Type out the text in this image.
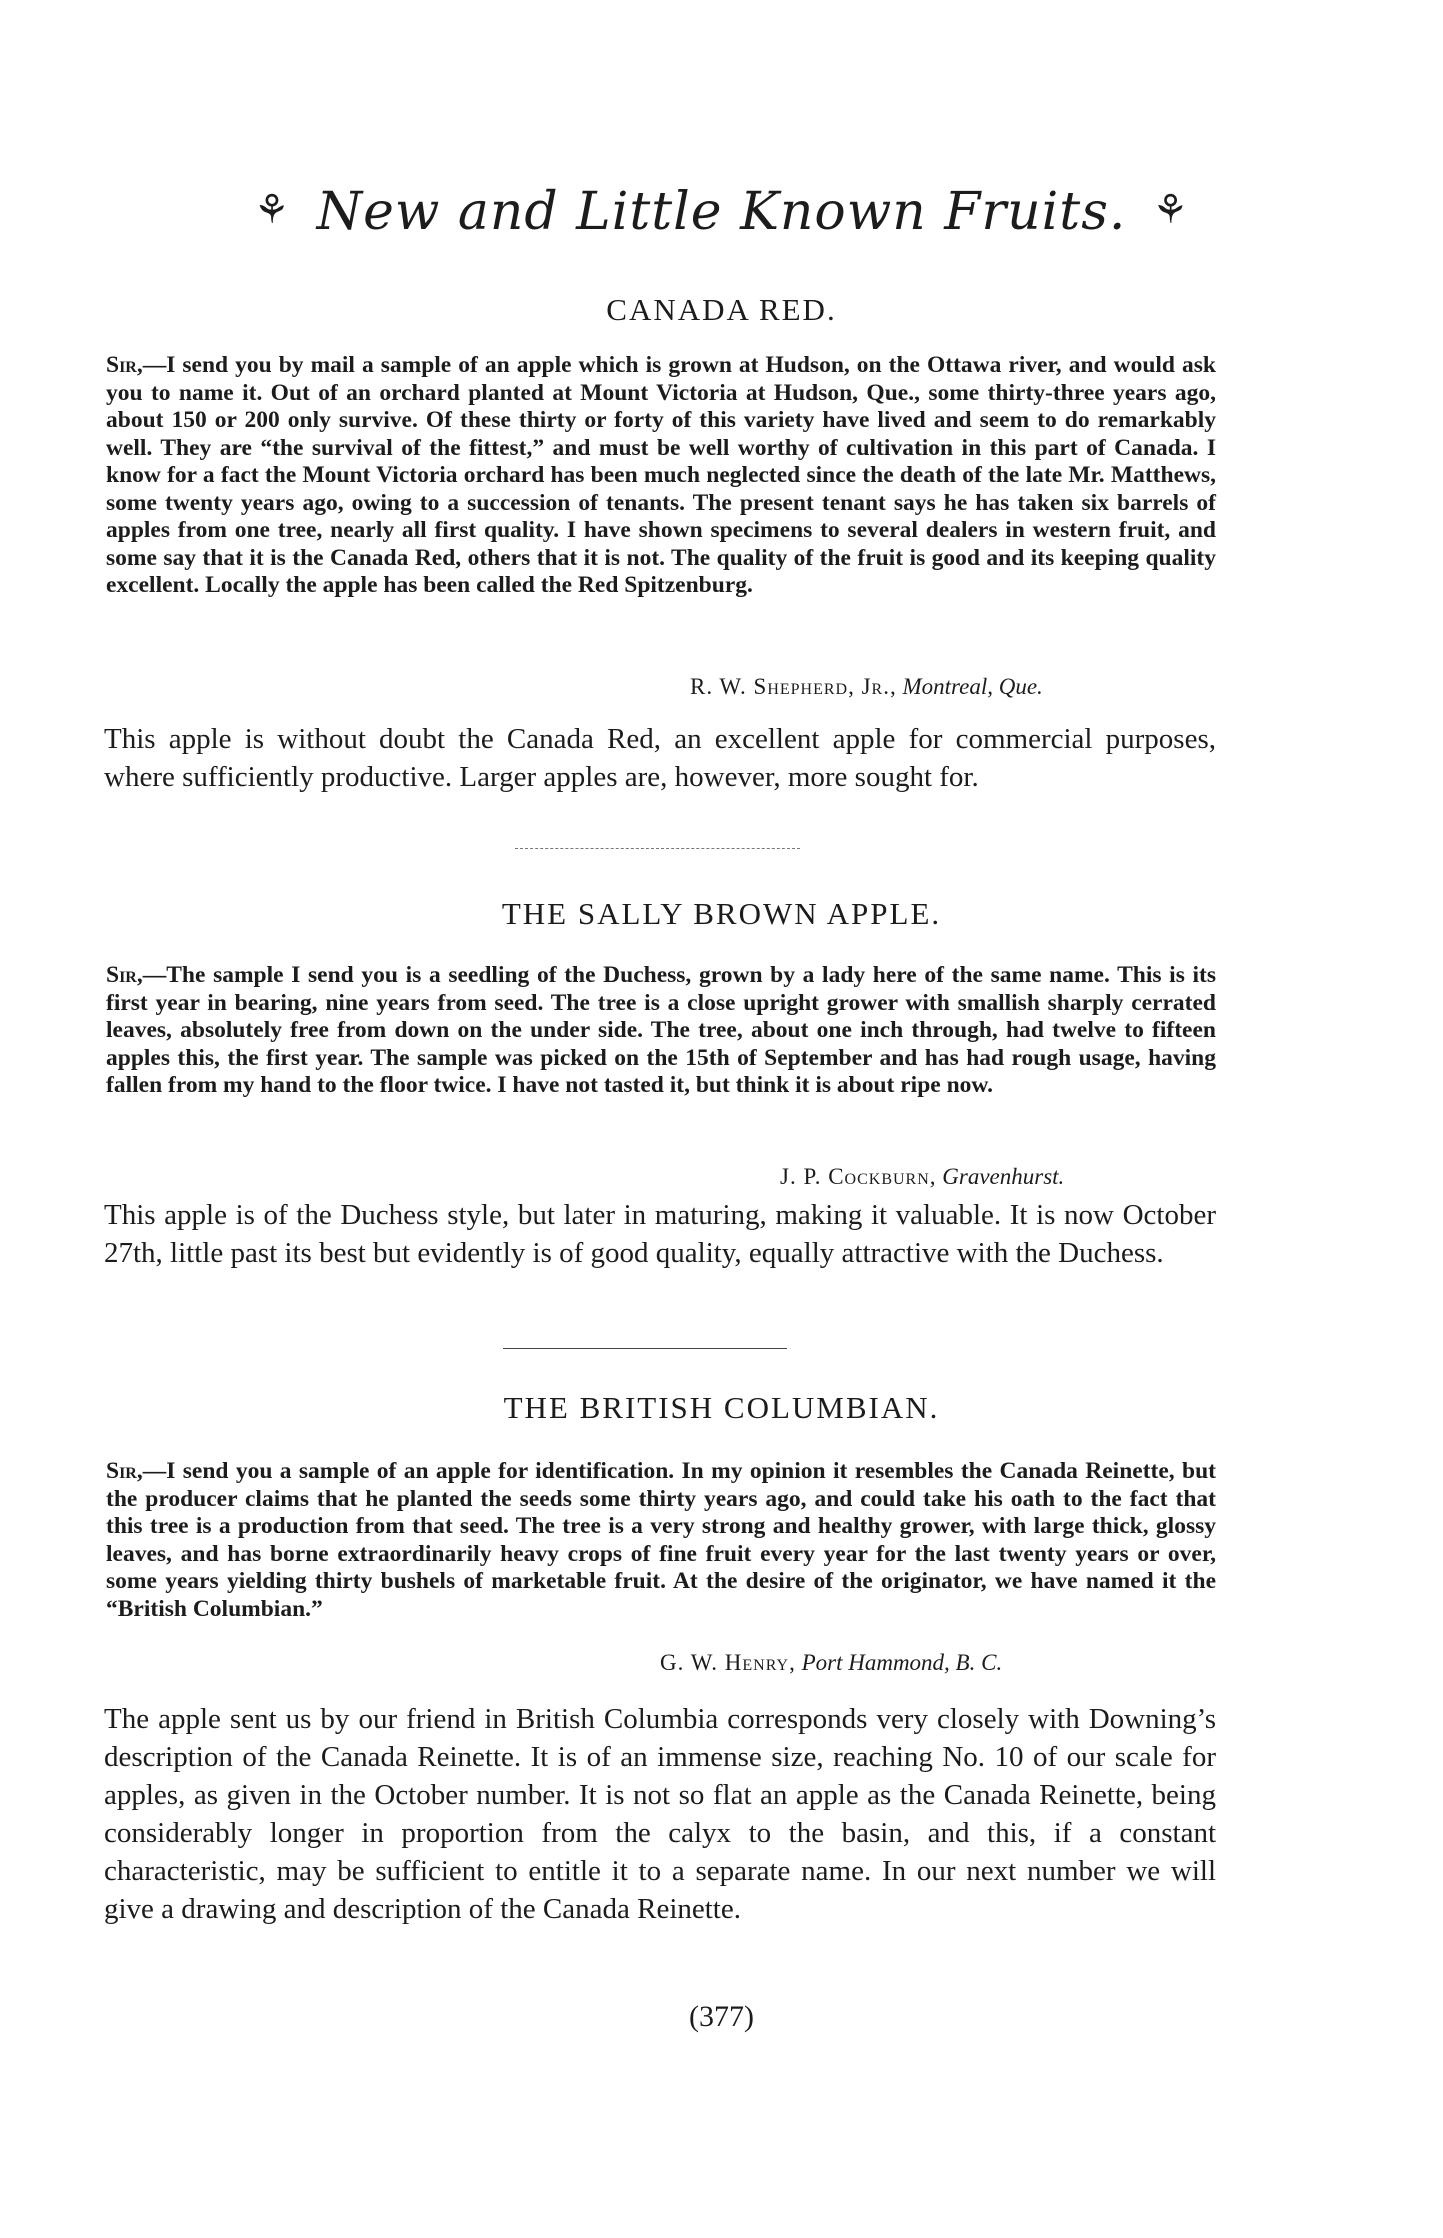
⚘ New and Little Known Fruits. ⚘
CANADA RED.
Sir,—I send you by mail a sample of an apple which is grown at Hudson, on the Ottawa river, and would ask you to name it. Out of an orchard planted at Mount Victoria at Hudson, Que., some thirty-three years ago, about 150 or 200 only survive. Of these thirty or forty of this variety have lived and seem to do remarkably well. They are “the survival of the fittest,” and must be well worthy of cultivation in this part of Canada. I know for a fact the Mount Victoria orchard has been much neglected since the death of the late Mr. Matthews, some twenty years ago, owing to a succession of tenants. The present tenant says he has taken six barrels of apples from one tree, nearly all first quality. I have shown specimens to several dealers in western fruit, and some say that it is the Canada Red, others that it is not. The quality of the fruit is good and its keeping quality excellent. Locally the apple has been called the Red Spitzenburg.
R. W. Shepherd, Jr., Montreal, Que.
This apple is without doubt the Canada Red, an excellent apple for commercial purposes, where sufficiently productive. Larger apples are, however, more sought for.
THE SALLY BROWN APPLE.
Sir,—The sample I send you is a seedling of the Duchess, grown by a lady here of the same name. This is its first year in bearing, nine years from seed. The tree is a close upright grower with smallish sharply cerrated leaves, absolutely free from down on the under side. The tree, about one inch through, had twelve to fifteen apples this, the first year. The sample was picked on the 15th of September and has had rough usage, having fallen from my hand to the floor twice. I have not tasted it, but think it is about ripe now.
J. P. Cockburn, Gravenhurst.
This apple is of the Duchess style, but later in maturing, making it valuable. It is now October 27th, little past its best but evidently is of good quality, equally attractive with the Duchess.
THE BRITISH COLUMBIAN.
Sir,—I send you a sample of an apple for identification. In my opinion it resembles the Canada Reinette, but the producer claims that he planted the seeds some thirty years ago, and could take his oath to the fact that this tree is a production from that seed. The tree is a very strong and healthy grower, with large thick, glossy leaves, and has borne extraordinarily heavy crops of fine fruit every year for the last twenty years or over, some years yielding thirty bushels of marketable fruit. At the desire of the originator, we have named it the “British Columbian.”
G. W. Henry, Port Hammond, B. C.
The apple sent us by our friend in British Columbia corresponds very closely with Downing’s description of the Canada Reinette. It is of an immense size, reaching No. 10 of our scale for apples, as given in the October number. It is not so flat an apple as the Canada Reinette, being considerably longer in proportion from the calyx to the basin, and this, if a constant characteristic, may be sufficient to entitle it to a separate name. In our next number we will give a drawing and description of the Canada Reinette.
(377)
